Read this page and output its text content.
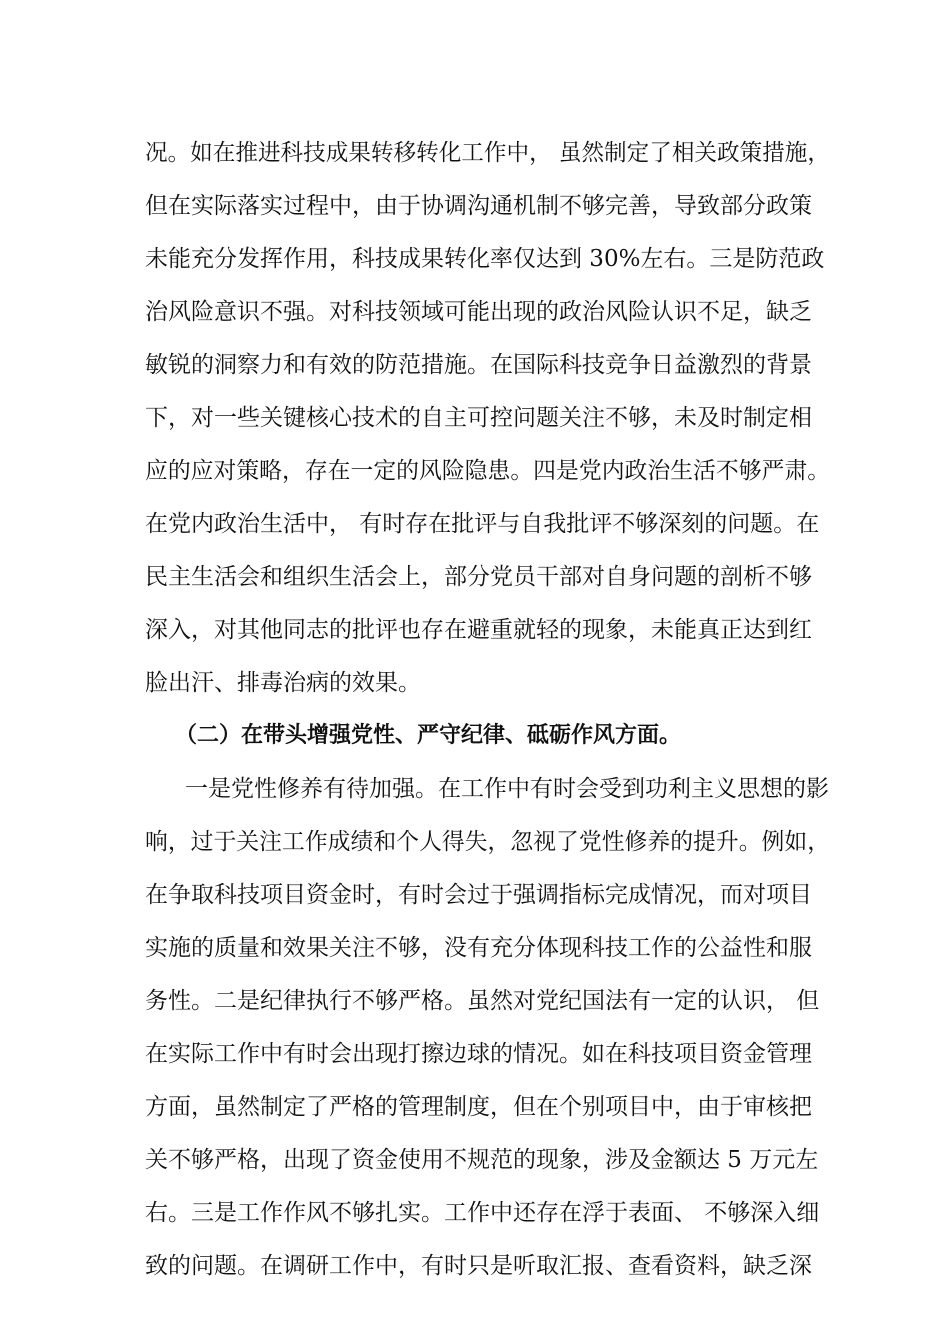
况。如在推进科技成果转移转化工作中， 虽然制定了相关政策措施，
但在实际落实过程中，由于协调沟通机制不够完善，导致部分政策
未能充分发挥作用，科技成果转化率仅达到 30%左右。三是防范政
治风险意识不强。对科技领域可能出现的政治风险认识不足，缺乏
敏锐的洞察力和有效的防范措施。在国际科技竞争日益激烈的背景
下，对一些关键核心技术的自主可控问题关注不够，未及时制定相
应的应对策略，存在一定的风险隐患。四是党内政治生活不够严肃。
在党内政治生活中， 有时存在批评与自我批评不够深刻的问题。在
民主生活会和组织生活会上，部分党员干部对自身问题的剖析不够
深入，对其他同志的批评也存在避重就轻的现象，未能真正达到红
脸出汗、排毒治病的效果。
（二）在带头增强党性、严守纪律、砥砺作风方面。
一是党性修养有待加强。在工作中有时会受到功利主义思想的影
响，过于关注工作成绩和个人得失，忽视了党性修养的提升。例如，
在争取科技项目资金时，有时会过于强调指标完成情况，而对项目
实施的质量和效果关注不够，没有充分体现科技工作的公益性和服
务性。二是纪律执行不够严格。虽然对党纪国法有一定的认识， 但
在实际工作中有时会出现打擦边球的情况。如在科技项目资金管理
方面，虽然制定了严格的管理制度，但在个别项目中，由于审核把
关不够严格，出现了资金使用不规范的现象，涉及金额达 5 万元左
右。三是工作作风不够扎实。工作中还存在浮于表面、 不够深入细
致的问题。在调研工作中，有时只是听取汇报、查看资料，缺乏深
